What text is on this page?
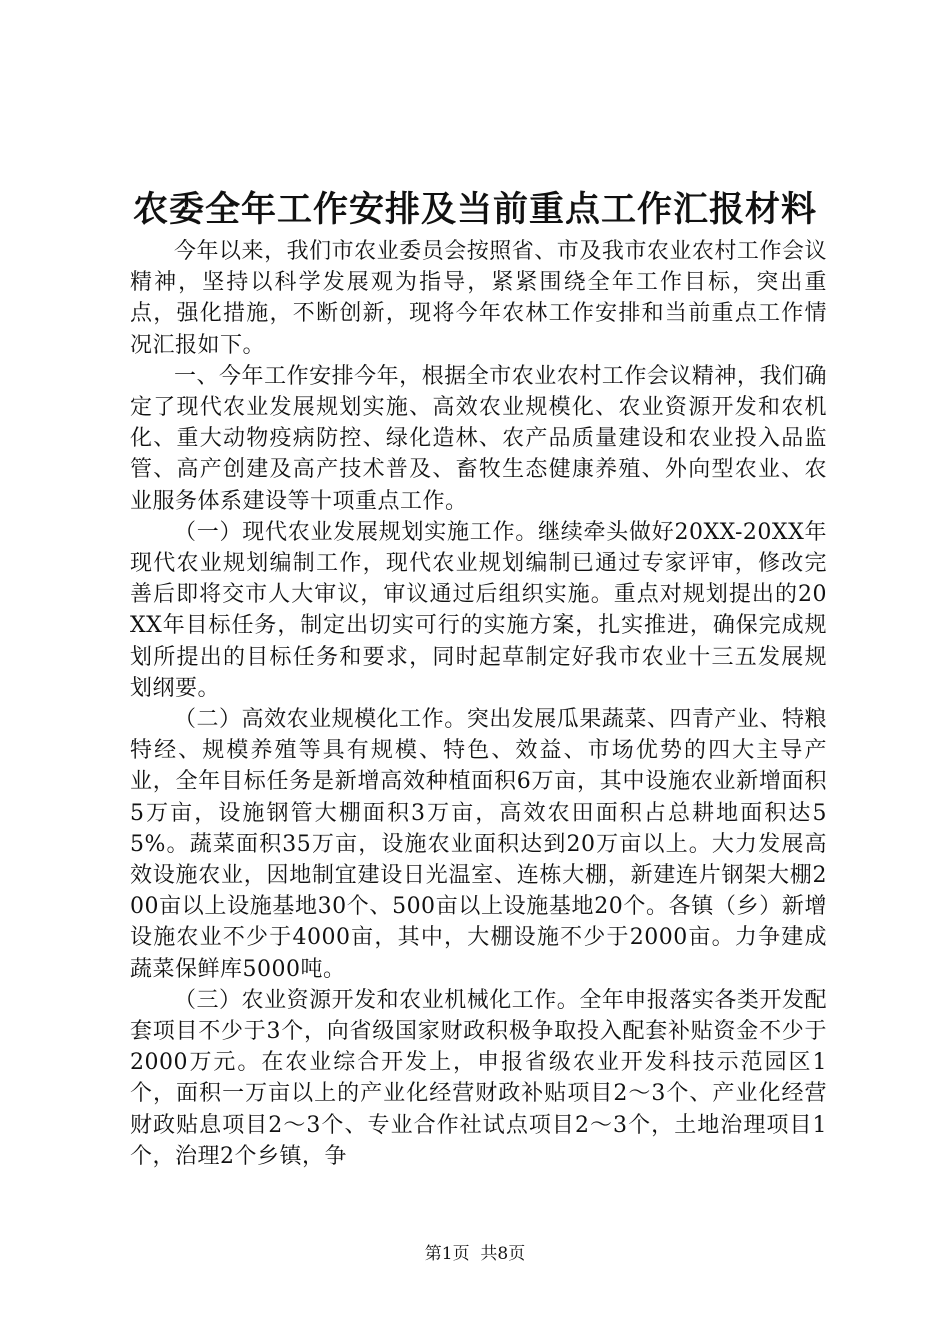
农委全年工作安排及当前重点工作汇报材料

今年以来，我们市农业委员会按照省、市及我市农业农村工作会议精神，坚持以科学发展观为指导，紧紧围绕全年工作目标，突出重点，强化措施，不断创新，现将今年农林工作安排和当前重点工作情况汇报如下。

一、今年工作安排今年，根据全市农业农村工作会议精神，我们确定了现代农业发展规划实施、高效农业规模化、农业资源开发和农机化、重大动物疫病防控、绿化造林、农产品质量建设和农业投入品监管、高产创建及高产技术普及、畜牧生态健康养殖、外向型农业、农业服务体系建设等十项重点工作。

（一）现代农业发展规划实施工作。继续牵头做好20XX-20XX年现代农业规划编制工作，现代农业规划编制已通过专家评审，修改完善后即将交市人大审议，审议通过后组织实施。重点对规划提出的20XX年目标任务，制定出切实可行的实施方案，扎实推进，确保完成规划所提出的目标任务和要求，同时起草制定好我市农业十三五发展规划纲要。

（二）高效农业规模化工作。突出发展瓜果蔬菜、四青产业、特粮特经、规模养殖等具有规模、特色、效益、市场优势的四大主导产业，全年目标任务是新增高效种植面积6万亩，其中设施农业新增面积5万亩，设施钢管大棚面积3万亩，高效农田面积占总耕地面积达55%。蔬菜面积35万亩，设施农业面积达到20万亩以上。大力发展高效设施农业，因地制宜建设日光温室、连栋大棚，新建连片钢架大棚200亩以上设施基地30个、500亩以上设施基地20个。各镇（乡）新增设施农业不少于4000亩，其中，大棚设施不少于2000亩。力争建成蔬菜保鲜库5000吨。

（三）农业资源开发和农业机械化工作。全年申报落实各类开发配套项目不少于3个，向省级国家财政积极争取投入配套补贴资金不少于2000万元。在农业综合开发上，申报省级农业开发科技示范园区1个，面积一万亩以上的产业化经营财政补贴项目2～3个、产业化经营财政贴息项目2～3个、专业合作社试点项目2～3个，土地治理项目1个，治理2个乡镇，争

第1页 共8页
